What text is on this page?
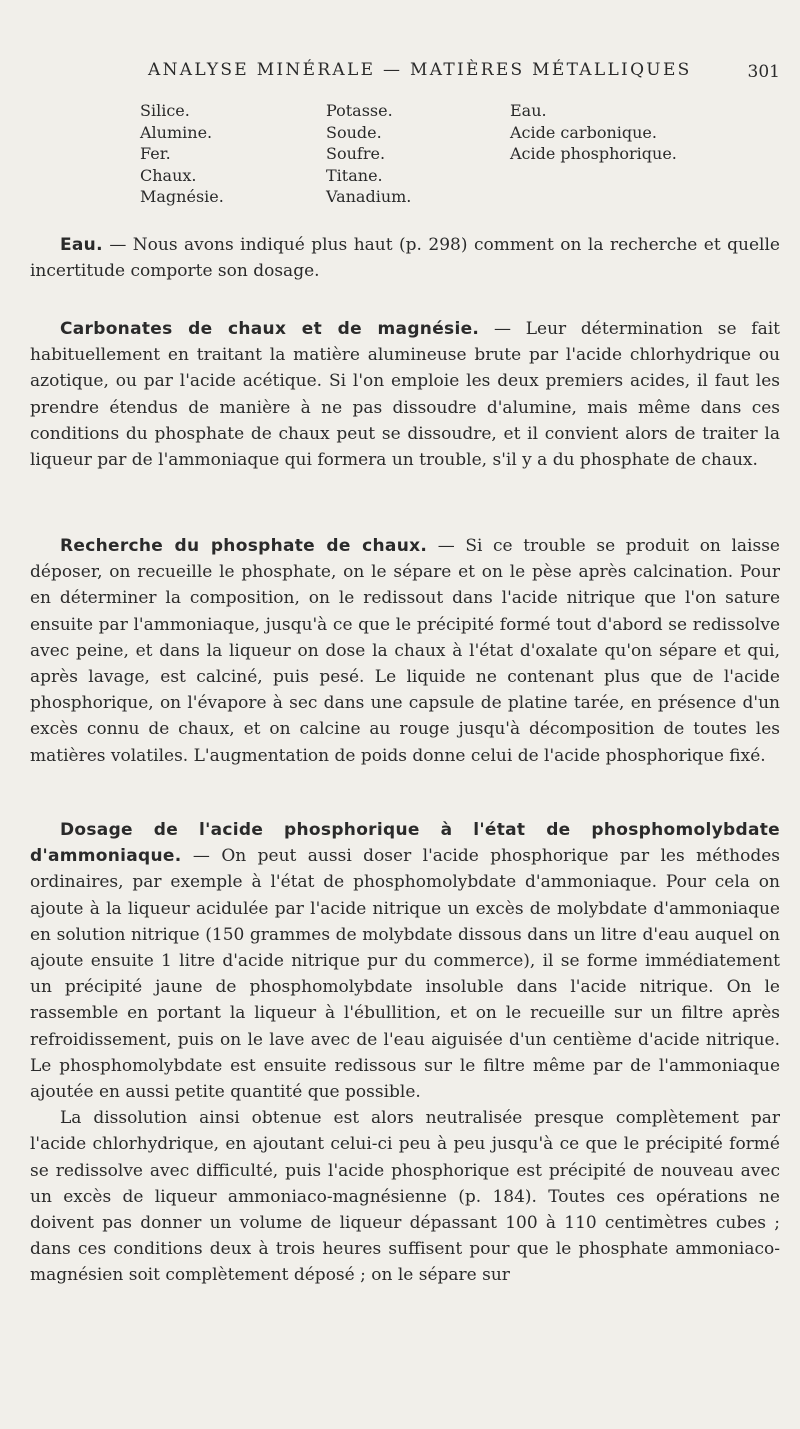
ANALYSE MINÉRALE — MATIÈRES MÉTALLIQUES	301
Silice.
Alumine.
Fer.
Chaux.
Magnésie.
Potasse.
Soude.
Soufre.
Titane.
Vanadium.
Eau.
Acide carbonique.
Acide phosphorique.

Eau. — Nous avons indiqué plus haut (p. 298) comment on la recherche et quelle incertitude comporte son dosage.

Carbonates de chaux et de magnésie. — Leur détermination se fait habituellement en traitant la matière alumineuse brute par l'acide chlorhydrique ou azotique, ou par l'acide acétique. Si l'on emploie les deux premiers acides, il faut les prendre étendus de manière à ne pas dissoudre d'alumine, mais même dans ces conditions du phosphate de chaux peut se dissoudre, et il convient alors de traiter la liqueur par de l'ammoniaque qui formera un trouble, s'il y a du phosphate de chaux.

Recherche du phosphate de chaux. — Si ce trouble se produit on laisse déposer, on recueille le phosphate, on le sépare et on le pèse après calcination. Pour en déterminer la composition, on le redissout dans l'acide nitrique que l'on sature ensuite par l'ammoniaque, jusqu'à ce que le précipité formé tout d'abord se redissolve avec peine, et dans la liqueur on dose la chaux à l'état d'oxalate qu'on sépare et qui, après lavage, est calciné, puis pesé. Le liquide ne contenant plus que de l'acide phosphorique, on l'évapore à sec dans une capsule de platine tarée, en présence d'un excès connu de chaux, et on calcine au rouge jusqu'à décomposition de toutes les matières volatiles. L'augmentation de poids donne celui de l'acide phosphorique fixé.

Dosage de l'acide phosphorique à l'état de phosphomolybdate d'ammoniaque. — On peut aussi doser l'acide phosphorique par les méthodes ordinaires, par exemple à l'état de phosphomolybdate d'ammoniaque. Pour cela on ajoute à la liqueur acidulée par l'acide nitrique un excès de molybdate d'ammoniaque en solution nitrique (150 grammes de molybdate dissous dans un litre d'eau auquel on ajoute ensuite 1 litre d'acide nitrique pur du commerce), il se forme immédiatement un précipité jaune de phosphomolybdate insoluble dans l'acide nitrique. On le rassemble en portant la liqueur à l'ébullition, et on le recueille sur un filtre après refroidissement, puis on le lave avec de l'eau aiguisée d'un centième d'acide nitrique. Le phosphomolybdate est ensuite redissous sur le filtre même par de l'ammoniaque ajoutée en aussi petite quantité que possible.

La dissolution ainsi obtenue est alors neutralisée presque complètement par l'acide chlorhydrique, en ajoutant celui-ci peu à peu jusqu'à ce que le précipité formé se redissolve avec difficulté, puis l'acide phosphorique est précipité de nouveau avec un excès de liqueur ammoniaco-magnésienne (p. 184). Toutes ces opérations ne doivent pas donner un volume de liqueur dépassant 100 à 110 centimètres cubes ; dans ces conditions deux à trois heures suffisent pour que le phosphate ammoniaco-magnésien soit complètement déposé ; on le sépare sur
